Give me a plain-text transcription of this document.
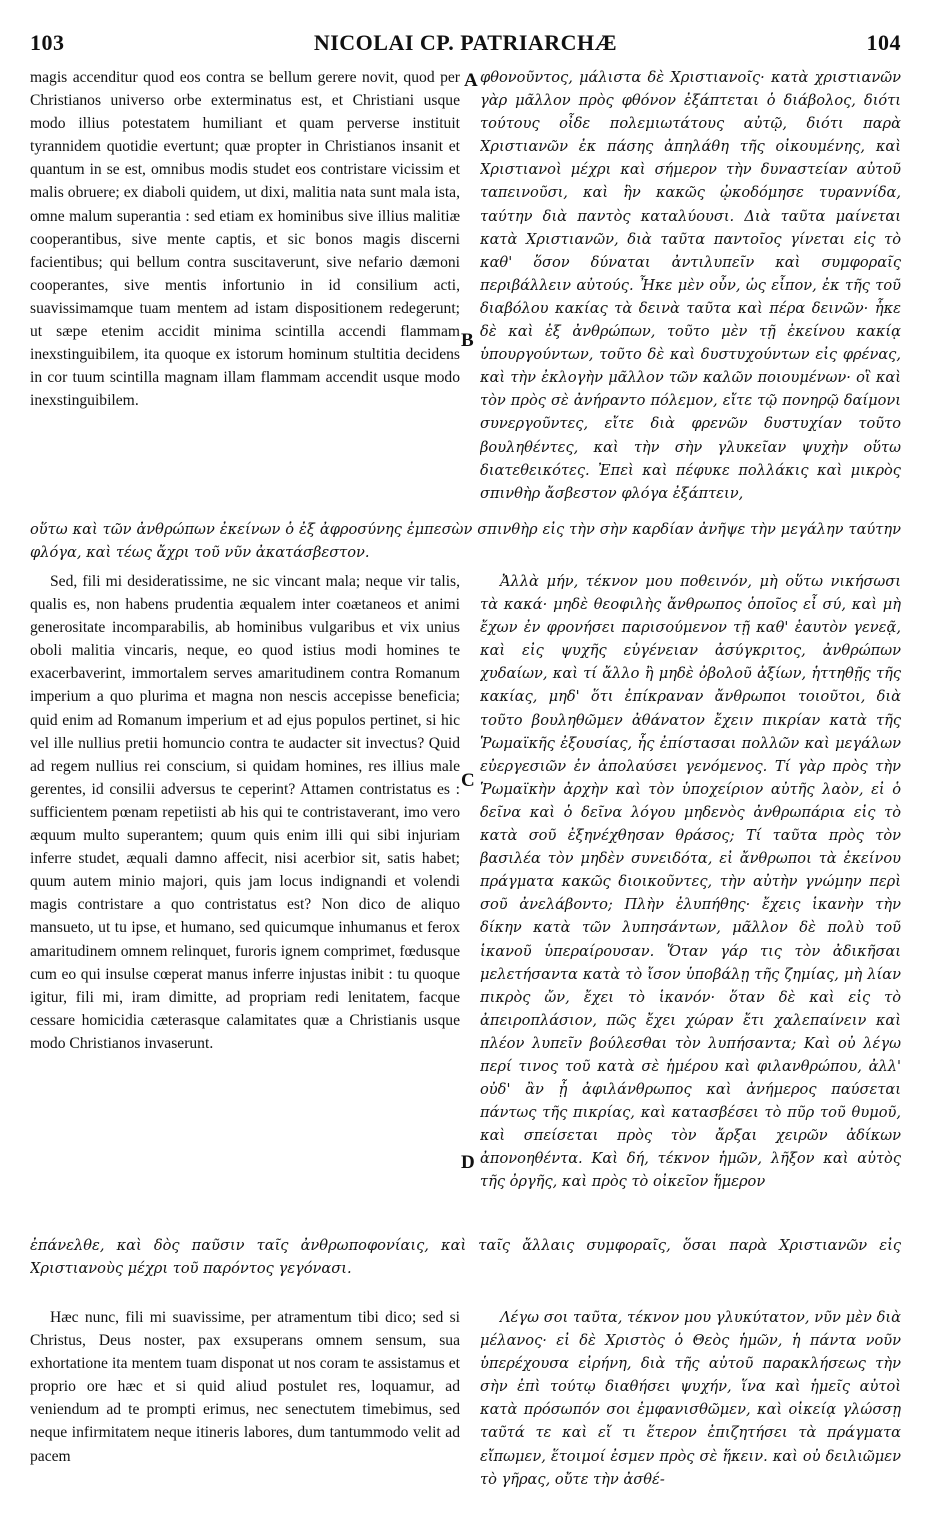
103	NICOLAI CP. PATRIARCHÆ	104

magis accenditur quod eos contra se bellum gerere novit, quod per Christianos universo orbe exterminatus est, et Christiani usque modo illius potestatem humiliant et quam perverse instituit tyrannidem quotidie evertunt; quæ propter in Christianos insanit et quantum in se est, omnibus modis studet eos contristare vicissim et malis obruere; ex diaboli quidem, ut dixi, malitia nata sunt mala ista, omne malum superantia : sed etiam ex hominibus sive illius malitiæ cooperantibus, sive mente captis, et sic bonos magis discerni facientibus; qui bellum contra suscitaverunt, sive nefario dæmoni cooperantes, sive mentis infortunio in id consilium acti, suavissimamque tuam mentem ad istam dispositionem redegerunt; ut sæpe etenim accidit minima scintilla accendi flammam inexstinguibilem, ita quoque ex istorum hominum stultitia decidens in cor tuum scintilla magnam illam flammam accendit usque modo inexstinguibilem.

A
B

φθονοῦντος, μάλιστα δὲ Χριστιανοῖς· κατὰ χριστιανῶν γὰρ μᾶλλον πρὸς φθόνον ἐξάπτεται ὁ διάβολος, διότι τούτους οἶδε πολεμιωτάτους αὐτῷ, διότι παρὰ Χριστιανῶν ἐκ πάσης ἀπηλάθη τῆς οἰκουμένης, καὶ Χριστιανοὶ μέχρι καὶ σήμερον τὴν δυναστείαν αὐτοῦ ταπεινοῦσι, καὶ ἣν κακῶς ᾠκοδόμησε τυραννίδα, ταύτην διὰ παντὸς καταλύουσι. Διὰ ταῦτα μαίνεται κατὰ Χριστιανῶν, διὰ ταῦτα παντοῖος γίνεται εἰς τὸ καθ' ὅσον δύναται ἀντιλυπεῖν καὶ συμφοραῖς περιβάλλειν αὐτούς. Ἦκε μὲν οὖν, ὡς εἶπον, ἐκ τῆς τοῦ διαβόλου κακίας τὰ δεινὰ ταῦτα καὶ πέρα δεινῶν· ἧκε δὲ καὶ ἐξ ἀνθρώπων, τοῦτο μὲν τῇ ἐκείνου κακίᾳ ὑπουργούντων, τοῦτο δὲ καὶ δυστυχούντων εἰς φρένας, καὶ τὴν ἐκλογὴν μᾶλλον τῶν καλῶν ποιουμένων· οἳ καὶ τὸν πρὸς σὲ ἀνήραντο πόλεμον, εἴτε τῷ πονηρῷ δαίμονι συνεργοῦντες, εἴτε διὰ φρενῶν δυστυχίαν τοῦτο βουληθέντες, καὶ τὴν σὴν γλυκεῖαν ψυχὴν οὕτω διατεθεικότες. Ἐπεὶ καὶ πέφυκε πολλάκις καὶ μικρὸς σπινθὴρ ἄσβεστον φλόγα ἐξάπτειν,

οὕτω καὶ τῶν ἀνθρώπων ἐκείνων ὁ ἐξ ἀφροσύνης ἐμπεσὼν σπινθὴρ εἰς τὴν σὴν καρδίαν ἀνῆψε τὴν μεγάλην ταύτην φλόγα, καὶ τέως ἄχρι τοῦ νῦν ἀκατάσβεστον.

Sed, fili mi desideratissime, ne sic vincant mala; neque vir talis, qualis es, non habens prudentia æqualem inter coætaneos et animi generositate incomparabilis, ab hominibus vulgaribus et vix unius oboli malitia vincaris, neque, eo quod istius modi homines te exacerbaverint, immortalem serves amaritudinem contra Romanum imperium a quo plurima et magna non nescis accepisse beneficia; quid enim ad Romanum imperium et ad ejus populos pertinet, si hic vel ille nullius pretii homuncio contra te audacter sit invectus? Quid ad regem nullius rei conscium, si quidam homines, res illius male gerentes, id consilii adversus te ceperint? Attamen contristatus es : sufficientem pœnam repetiisti ab his qui te contristaverant, imo vero æquum multo superantem; quum quis enim illi qui sibi injuriam inferre studet, æquali damno affecit, nisi acerbior sit, satis habet; quum autem minio majori, quis jam locus indignandi et volendi magis contristare a quo contristatus est? Non dico de aliquo mansueto, ut tu ipse, et humano, sed quicumque inhumanus et ferox amaritudinem omnem relinquet, furoris ignem comprimet, fœdusque cum eo qui insulse cœperat manus inferre injustas inibit : tu quoque igitur, fili mi, iram dimitte, ad propriam redi lenitatem, facque cessare homicidia cæterasque calamitates quæ a Christianis usque modo Christianos invaserunt.

C
D

Ἀλλὰ μήν, τέκνον μου ποθεινόν, μὴ οὕτω νικήσωσι τὰ κακά· μηδὲ θεοφιλὴς ἄνθρωπος ὁποῖος εἶ σύ, καὶ μὴ ἔχων ἐν φρονήσει παρισούμενον τῇ καθ' ἑαυτὸν γενεᾷ, καὶ εἰς ψυχῆς εὐγένειαν ἀσύγκριτος, ἀνθρώπων χυδαίων, καὶ τί ἄλλο ἢ μηδὲ ὀβολοῦ ἀξίων, ἡττηθῇς τῆς κακίας, μηδ' ὅτι ἐπίκραναν ἄνθρωποι τοιοῦτοι, διὰ τοῦτο βουληθῶμεν ἀθάνατον ἔχειν πικρίαν κατὰ τῆς Ῥωμαϊκῆς ἐξουσίας, ἧς ἐπίστασαι πολλῶν καὶ μεγάλων εὐεργεσιῶν ἐν ἀπολαύσει γενόμενος. Τί γὰρ πρὸς τὴν Ῥωμαϊκὴν ἀρχὴν καὶ τὸν ὑποχείριον αὐτῆς λαὸν, εἰ ὁ δεῖνα καὶ ὁ δεῖνα λόγου μηδενὸς ἀνθρωπάρια εἰς τὸ κατὰ σοῦ ἐξηνέχθησαν θράσος; Τί ταῦτα πρὸς τὸν βασιλέα τὸν μηδὲν συνειδότα, εἰ ἄνθρωποι τὰ ἐκείνου πράγματα κακῶς διοικοῦντες, τὴν αὐτὴν γνώμην περὶ σοῦ ἀνελάβοντο; Πλὴν ἐλυπήθης· ἔχεις ἱκανὴν τὴν δίκην κατὰ τῶν λυπησάντων, μᾶλλον δὲ πολὺ τοῦ ἱκανοῦ ὑπεραίρουσαν. Ὅταν γάρ τις τὸν ἀδικῆσαι μελετήσαντα κατὰ τὸ ἴσον ὑποβάλῃ τῆς ζημίας, μὴ λίαν πικρὸς ὤν, ἔχει τὸ ἱκανόν· ὅταν δὲ καὶ εἰς τὸ ἀπειροπλάσιον, πῶς ἔχει χώραν ἔτι χαλεπαίνειν καὶ πλέον λυπεῖν βούλεσθαι τὸν λυπήσαντα; Καὶ οὐ λέγω περί τινος τοῦ κατὰ σὲ ἡμέρου καὶ φιλανθρώπου, ἀλλ' οὐδ' ἂν ᾖ ἀφιλάνθρωπος καὶ ἀνήμερος παύσεται πάντως τῆς πικρίας, καὶ κατασβέσει τὸ πῦρ τοῦ θυμοῦ, καὶ σπείσεται πρὸς τὸν ἄρξαι χειρῶν ἀδίκων ἀπονοηθέντα. Καὶ δή, τέκνον ἡμῶν, λῆξον καὶ αὐτὸς τῆς ὀργῆς, καὶ πρὸς τὸ οἰκεῖον ἥμερον

ἐπάνελθε, καὶ δὸς παῦσιν ταῖς ἀνθρωποφονίαις, καὶ ταῖς ἄλλαις συμφοραῖς, ὅσαι παρὰ Χριστιανῶν εἰς Χριστιανοὺς μέχρι τοῦ παρόντος γεγόνασι.

Hæc nunc, fili mi suavissime, per atramentum tibi dico; sed si Christus, Deus noster, pax exsuperans omnem sensum, sua exhortatione ita mentem tuam disponat ut nos coram te assistamus et proprio ore hæc et si quid aliud postulet res, loquamur, ad veniendum ad te prompti erimus, nec senectutem timebimus, sed neque infirmitatem neque itineris labores, dum tantummodo velit ad pacem

Λέγω σοι ταῦτα, τέκνον μου γλυκύτατον, νῦν μὲν διὰ μέλανος· εἰ δὲ Χριστὸς ὁ Θεὸς ἡμῶν, ἡ πάντα νοῦν ὑπερέχουσα εἰρήνη, διὰ τῆς αὐτοῦ παρακλήσεως τὴν σὴν ἐπὶ τούτῳ διαθήσει ψυχήν, ἵνα καὶ ἡμεῖς αὐτοὶ κατὰ πρόσωπόν σοι ἐμφανισθῶμεν, καὶ οἰκείᾳ γλώσσῃ ταῦτά τε καὶ εἴ τι ἕτερον ἐπιζητήσει τὰ πράγματα εἴπωμεν, ἕτοιμοί ἐσμεν πρὸς σὲ ἥκειν. καὶ οὐ δειλιῶμεν τὸ γῆρας, οὔτε τὴν ἀσθέ-
